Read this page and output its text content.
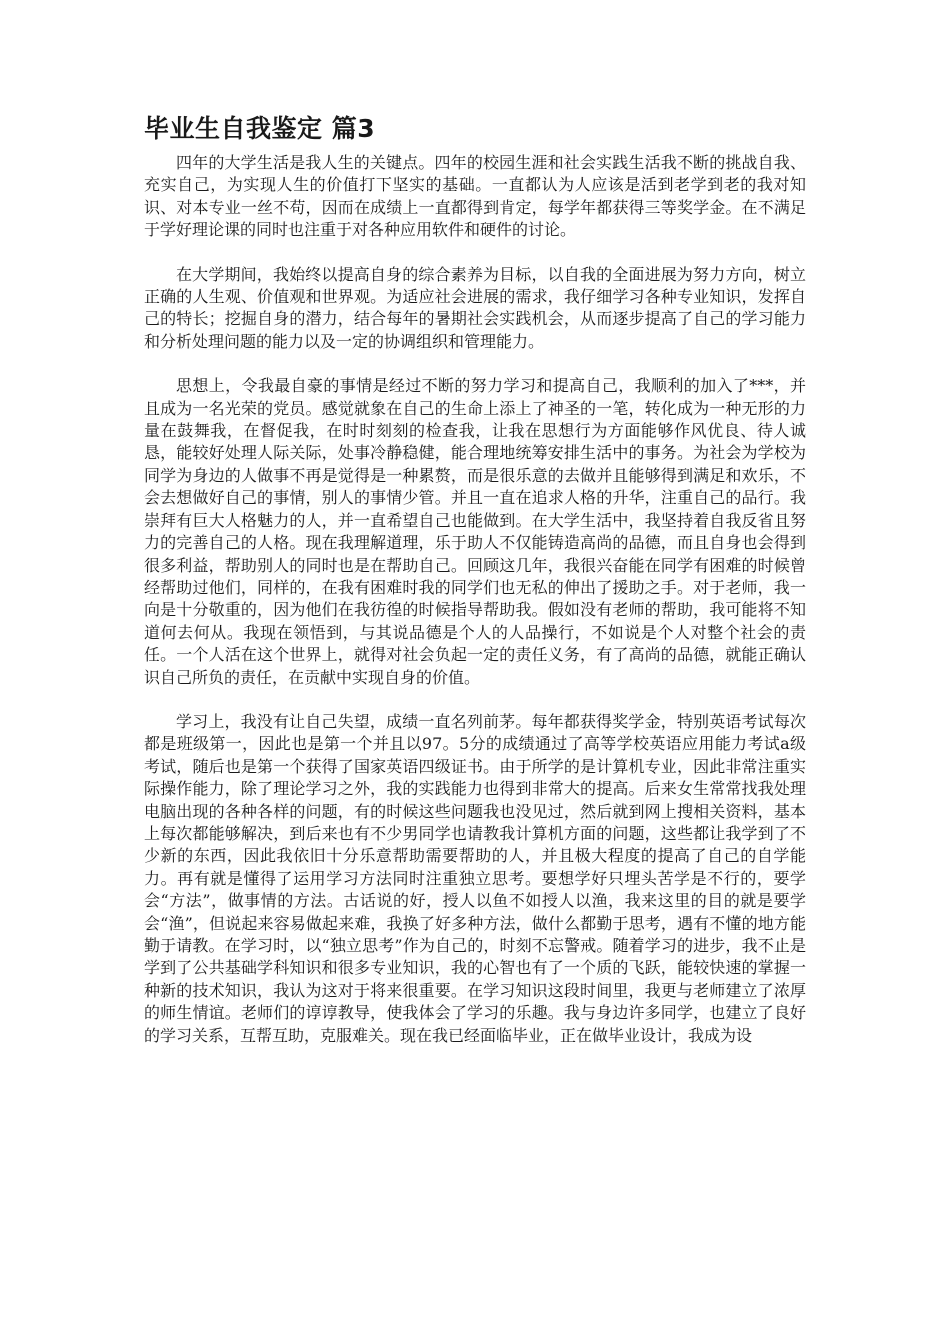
毕业生自我鉴定 篇3

四年的大学生活是我人生的关键点。四年的校园生涯和社会实践生活我不断的挑战自我、充实自己，为实现人生的价值打下坚实的基础。一直都认为人应该是活到老学到老的我对知识、对本专业一丝不苟，因而在成绩上一直都得到肯定，每学年都获得三等奖学金。在不满足于学好理论课的同时也注重于对各种应用软件和硬件的讨论。

在大学期间，我始终以提高自身的综合素养为目标，以自我的全面进展为努力方向，树立正确的人生观、价值观和世界观。为适应社会进展的需求，我仔细学习各种专业知识，发挥自己的特长；挖掘自身的潜力，结合每年的暑期社会实践机会，从而逐步提高了自己的学习能力和分析处理问题的能力以及一定的协调组织和管理能力。

思想上，令我最自豪的事情是经过不断的努力学习和提高自己，我顺利的加入了***，并且成为一名光荣的党员。感觉就象在自己的生命上添上了神圣的一笔，转化成为一种无形的力量在鼓舞我，在督促我，在时时刻刻的检查我，让我在思想行为方面能够作风优良、待人诚恳，能较好处理人际关际，处事冷静稳健，能合理地统筹安排生活中的事务。为社会为学校为同学为身边的人做事不再是觉得是一种累赘，而是很乐意的去做并且能够得到满足和欢乐，不会去想做好自己的事情，别人的事情少管。并且一直在追求人格的升华，注重自己的品行。我崇拜有巨大人格魅力的人，并一直希望自己也能做到。在大学生活中，我坚持着自我反省且努力的完善自己的人格。现在我理解道理，乐于助人不仅能铸造高尚的品德，而且自身也会得到很多利益，帮助别人的同时也是在帮助自己。回顾这几年，我很兴奋能在同学有困难的时候曾经帮助过他们，同样的，在我有困难时我的同学们也无私的伸出了援助之手。对于老师，我一向是十分敬重的，因为他们在我彷徨的时候指导帮助我。假如没有老师的帮助，我可能将不知道何去何从。我现在领悟到，与其说品德是个人的人品操行，不如说是个人对整个社会的责任。一个人活在这个世界上，就得对社会负起一定的责任义务，有了高尚的品德，就能正确认识自己所负的责任，在贡献中实现自身的价值。

学习上，我没有让自己失望，成绩一直名列前茅。每年都获得奖学金，特别英语考试每次都是班级第一，因此也是第一个并且以97。5分的成绩通过了高等学校英语应用能力考试a级考试，随后也是第一个获得了国家英语四级证书。由于所学的是计算机专业，因此非常注重实际操作能力，除了理论学习之外，我的实践能力也得到非常大的提高。后来女生常常找我处理电脑出现的各种各样的问题，有的时候这些问题我也没见过，然后就到网上搜相关资料，基本上每次都能够解决，到后来也有不少男同学也请教我计算机方面的问题，这些都让我学到了不少新的东西，因此我依旧十分乐意帮助需要帮助的人，并且极大程度的提高了自己的自学能力。再有就是懂得了运用学习方法同时注重独立思考。要想学好只埋头苦学是不行的，要学会“方法”，做事情的方法。古话说的好，授人以鱼不如授人以渔，我来这里的目的就是要学会“渔”，但说起来容易做起来难，我换了好多种方法，做什么都勤于思考，遇有不懂的地方能勤于请教。在学习时，以“独立思考”作为自己的，时刻不忘警戒。随着学习的进步，我不止是学到了公共基础学科知识和很多专业知识，我的心智也有了一个质的飞跃，能较快速的掌握一种新的技术知识，我认为这对于将来很重要。在学习知识这段时间里，我更与老师建立了浓厚的师生情谊。老师们的谆谆教导，使我体会了学习的乐趣。我与身边许多同学，也建立了良好的学习关系，互帮互助，克服难关。现在我已经面临毕业，正在做毕业设计，我成为设
